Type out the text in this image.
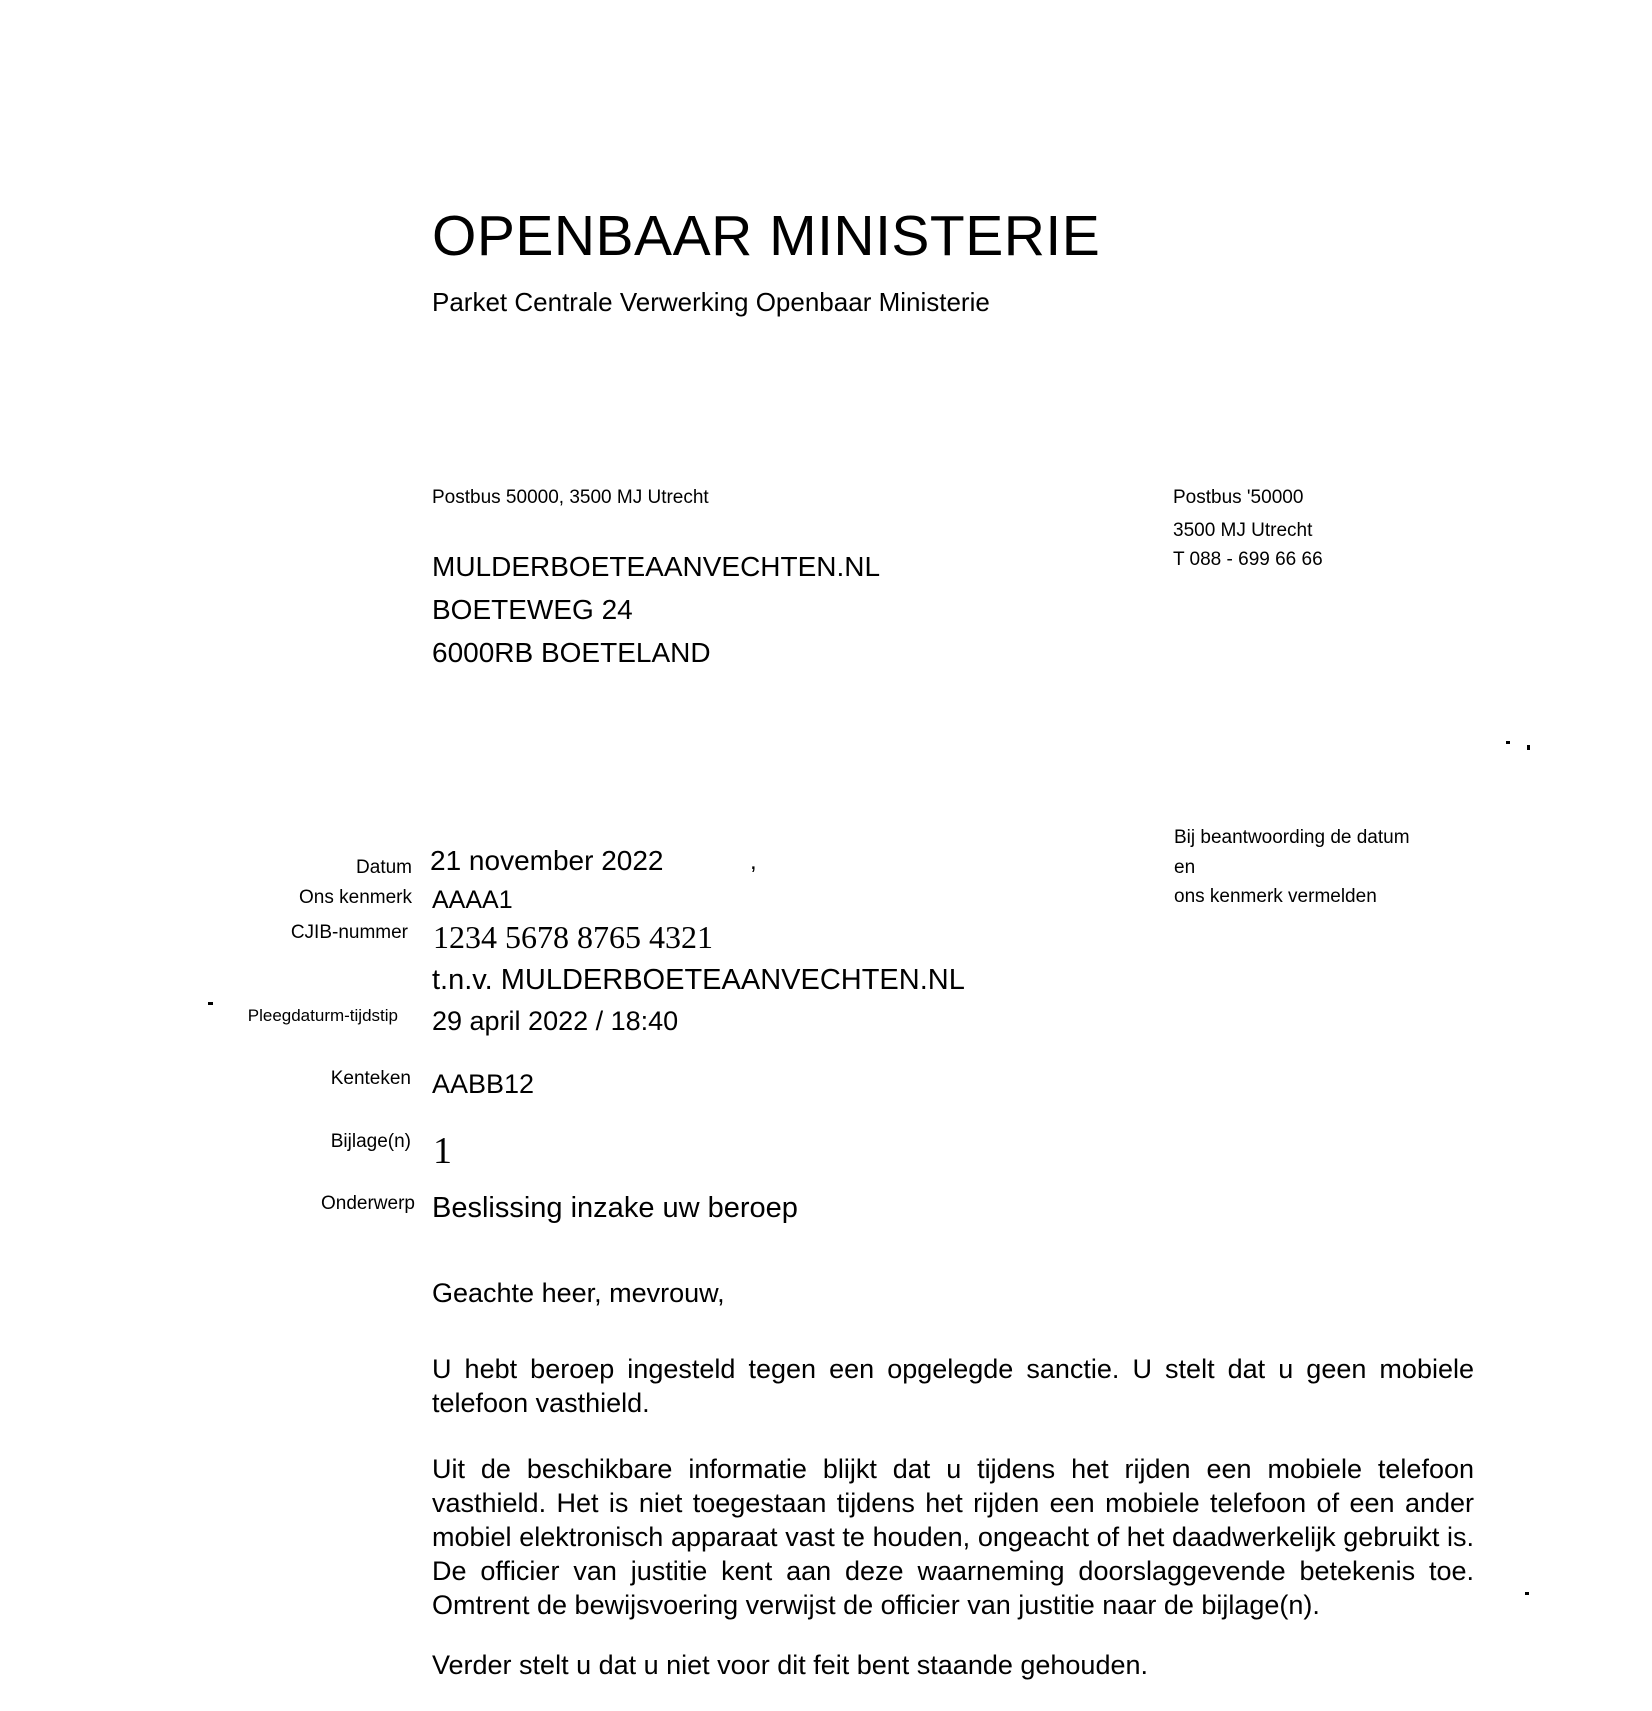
OPENBAAR MINISTERIE
Parket Centrale Verwerking Openbaar Ministerie
Postbus 50000, 3500 MJ Utrecht
MULDERBOETEAANVECHTEN.NL
BOETEWEG 24
6000RB BOETELAND
Postbus '50000
3500 MJ Utrecht
T 088 - 699 66 66
Bij beantwoording de datum
en
ons kenmerk vermelden
Datum
Ons kenmerk
CJIB-nummer
Pleegdaturm-tijdstip
Kenteken
Bijlage(n)
Onderwerp
21 november 2022	,
AAAA1
1234 5678 8765 4321
t.n.v. MULDERBOETEAANVECHTEN.NL
29 april 2022 / 18:40
AABB12
1
Beslissing inzake uw beroep
Geachte heer, mevrouw,
U hebt beroep ingesteld tegen een opgelegde sanctie. U stelt dat u geen mobiele telefoon vasthield.
Uit de beschikbare informatie blijkt dat u tijdens het rijden een mobiele telefoon vasthield. Het is niet toegestaan tijdens het rijden een mobiele telefoon of een ander mobiel elektronisch apparaat vast te houden, ongeacht of het daadwerkelijk gebruikt is. De officier van justitie kent aan deze waarneming doorslaggevende betekenis toe. Omtrent de bewijsvoering verwijst de officier van justitie naar de bijlage(n).
Verder stelt u dat u niet voor dit feit bent staande gehouden.
